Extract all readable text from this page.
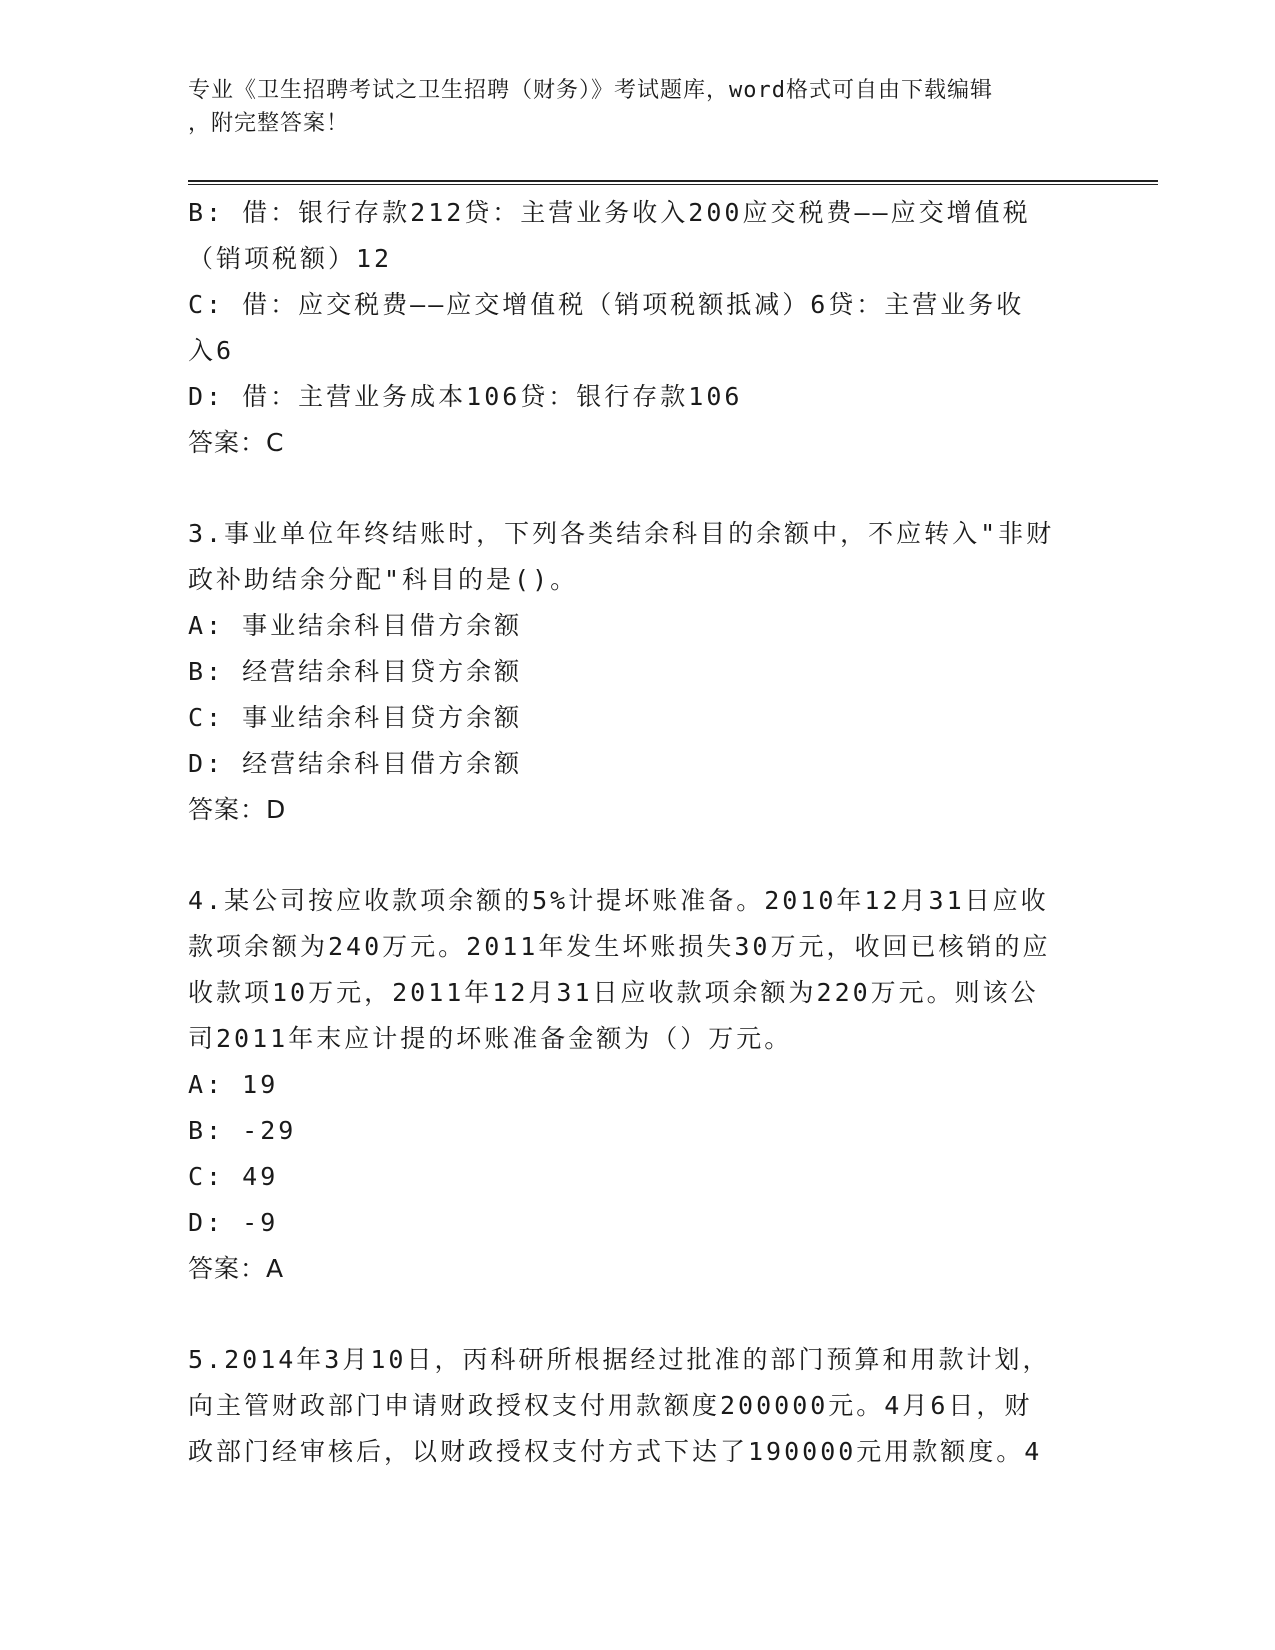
专业《卫生招聘考试之卫生招聘（财务）》考试题库，word格式可自由下载编辑

，附完整答案！

B: 借：银行存款212贷：主营业务收入200应交税费——应交增值税

（销项税额）12

C: 借：应交税费——应交增值税（销项税额抵减）6贷：主营业务收

入6

D: 借：主营业务成本106贷：银行存款106

答案：C

3.事业单位年终结账时，下列各类结余科目的余额中，不应转入"非财

政补助结余分配"科目的是()。

A: 事业结余科目借方余额

B: 经营结余科目贷方余额

C: 事业结余科目贷方余额

D: 经营结余科目借方余额

答案：D

4.某公司按应收款项余额的5%计提坏账准备。2010年12月31日应收

款项余额为240万元。2011年发生坏账损失30万元，收回已核销的应

收款项10万元，2011年12月31日应收款项余额为220万元。则该公

司2011年末应计提的坏账准备金额为（）万元。

A: 19

B: -29

C: 49

D: -9

答案：A

5.2014年3月10日，丙科研所根据经过批准的部门预算和用款计划，

向主管财政部门申请财政授权支付用款额度200000元。4月6日，财

政部门经审核后，以财政授权支付方式下达了190000元用款额度。4
